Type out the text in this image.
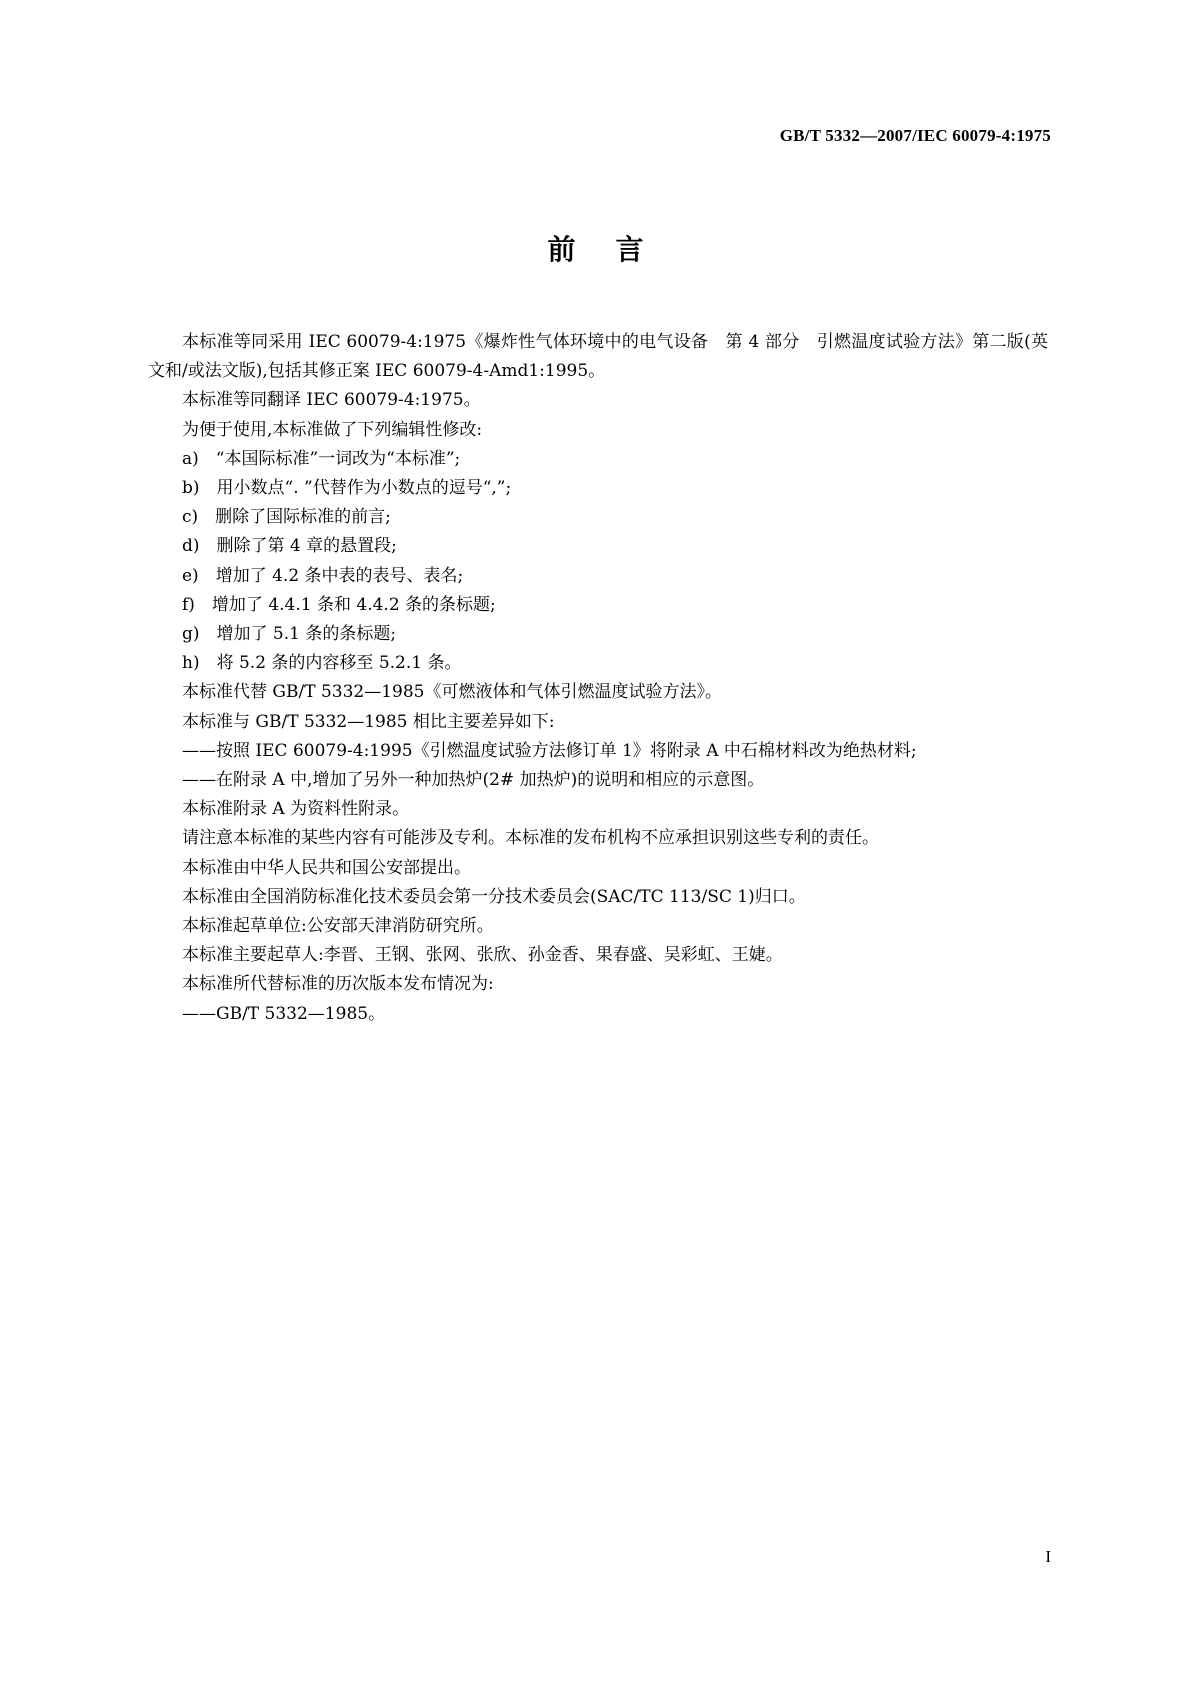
GB/T 5332—2007/IEC 60079-4:1975
前言

本标准等同采用 IEC 60079-4:1975《爆炸性气体环境中的电气设备　第 4 部分　引燃温度试验方法》第二版(英文和/或法文版),包括其修正案 IEC 60079-4-Amd1:1995。

本标准等同翻译 IEC 60079-4:1975。

为便于使用,本标准做了下列编辑性修改:

a)　“本国际标准”一词改为“本标准”;

b)　用小数点“. ”代替作为小数点的逗号“,”;

c)　删除了国际标准的前言;

d)　删除了第 4 章的悬置段;

e)　增加了 4.2 条中表的表号、表名;

f)　增加了 4.4.1 条和 4.4.2 条的条标题;

g)　增加了 5.1 条的条标题;

h)　将 5.2 条的内容移至 5.2.1 条。

本标准代替 GB/T 5332—1985《可燃液体和气体引燃温度试验方法》。

本标准与 GB/T 5332—1985 相比主要差异如下:

——按照 IEC 60079-4:1995《引燃温度试验方法修订单 1》将附录 A 中石棉材料改为绝热材料;

——在附录 A 中,增加了另外一种加热炉(2# 加热炉)的说明和相应的示意图。

本标准附录 A 为资料性附录。

请注意本标准的某些内容有可能涉及专利。本标准的发布机构不应承担识别这些专利的责任。

本标准由中华人民共和国公安部提出。

本标准由全国消防标准化技术委员会第一分技术委员会(SAC/TC 113/SC 1)归口。

本标准起草单位:公安部天津消防研究所。

本标准主要起草人:李晋、王钢、张网、张欣、孙金香、果春盛、吴彩虹、王婕。

本标准所代替标准的历次版本发布情况为:

——GB/T 5332—1985。

I
